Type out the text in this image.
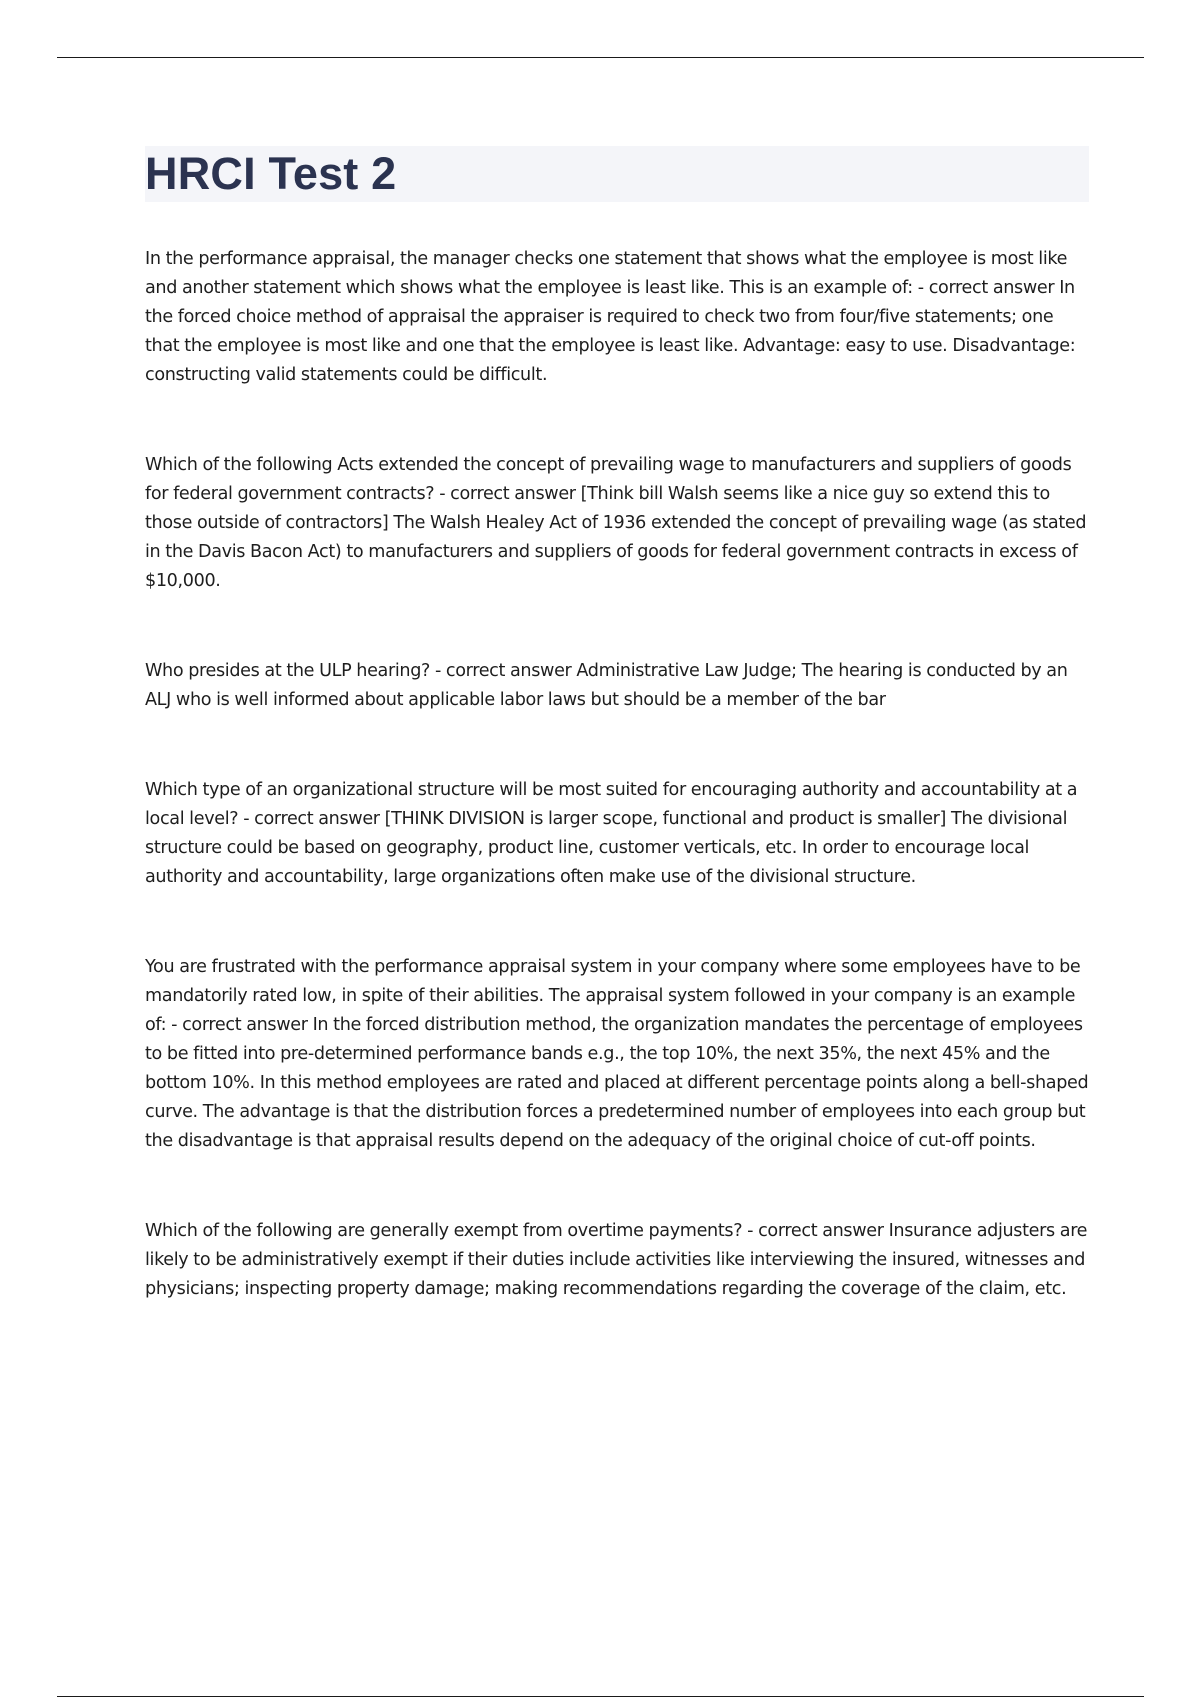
HRCI Test 2

In the performance appraisal, the manager checks one statement that shows what the employee is most like and another statement which shows what the employee is least like. This is an example of: - correct answer In the forced choice method of appraisal the appraiser is required to check two from four/five statements; one that the employee is most like and one that the employee is least like. Advantage: easy to use. Disadvantage: constructing valid statements could be difficult.

Which of the following Acts extended the concept of prevailing wage to manufacturers and suppliers of goods for federal government contracts? - correct answer [Think bill Walsh seems like a nice guy so extend this to those outside of contractors] The Walsh Healey Act of 1936 extended the concept of prevailing wage (as stated in the Davis Bacon Act) to manufacturers and suppliers of goods for federal government contracts in excess of $10,000.

Who presides at the ULP hearing? - correct answer Administrative Law Judge; The hearing is conducted by an ALJ who is well informed about applicable labor laws but should be a member of the bar

Which type of an organizational structure will be most suited for encouraging authority and accountability at a local level? - correct answer [THINK DIVISION is larger scope, functional and product is smaller] The divisional structure could be based on geography, product line, customer verticals, etc. In order to encourage local authority and accountability, large organizations often make use of the divisional structure.

You are frustrated with the performance appraisal system in your company where some employees have to be mandatorily rated low, in spite of their abilities. The appraisal system followed in your company is an example of: - correct answer In the forced distribution method, the organization mandates the percentage of employees to be fitted into pre-determined performance bands e.g., the top 10%, the next 35%, the next 45% and the bottom 10%. In this method employees are rated and placed at different percentage points along a bell-shaped curve. The advantage is that the distribution forces a predetermined number of employees into each group but the disadvantage is that appraisal results depend on the adequacy of the original choice of cut-off points.

Which of the following are generally exempt from overtime payments? - correct answer Insurance adjusters are likely to be administratively exempt if their duties include activities like interviewing the insured, witnesses and physicians; inspecting property damage; making recommendations regarding the coverage of the claim, etc.
